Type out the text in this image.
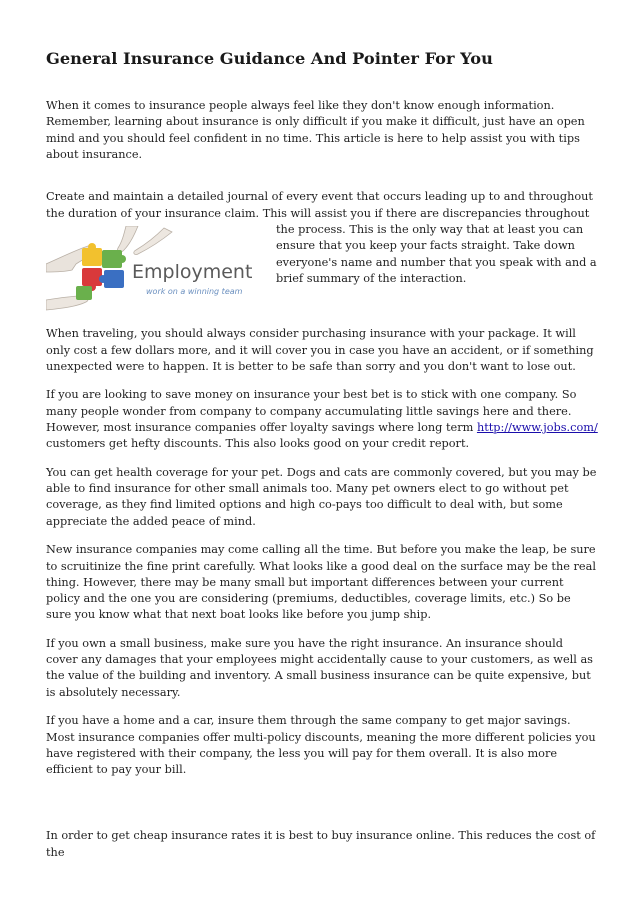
General Insurance Guidance And Pointer For You

When it comes to insurance people always feel like they don't know enough information. Remember, learning about insurance is only difficult if you make it difficult, just have an open mind and you should feel confident in no time. This article is here to help assist you with tips about insurance.

Employment
work on a winning team

Create and maintain a detailed journal of every event that occurs leading up to and throughout the duration of your insurance claim. This will assist you if there are discrepancies throughout the process. This is the only way that at least you can ensure that you keep your facts straight. Take down everyone's name and number that you speak with and a brief summary of the interaction.

When traveling, you should always consider purchasing insurance with your package. It will only cost a few dollars more, and it will cover you in case you have an accident, or if something unexpected were to happen. It is better to be safe than sorry and you don't want to lose out.

If you are looking to save money on insurance your best bet is to stick with one company. So many people wonder from company to company accumulating little savings here and there. However, most insurance companies offer loyalty savings where long term http://www.jobs.com/ customers get hefty discounts. This also looks good on your credit report.

You can get health coverage for your pet. Dogs and cats are commonly covered, but you may be able to find insurance for other small animals too. Many pet owners elect to go without pet coverage, as they find limited options and high co-pays too difficult to deal with, but some appreciate the added peace of mind.

New insurance companies may come calling all the time. But before you make the leap, be sure to scruitinize the fine print carefully. What looks like a good deal on the surface may be the real thing. However, there may be many small but important differences between your current policy and the one you are considering (premiums, deductibles, coverage limits, etc.) So be sure you know what that next boat looks like before you jump ship.

If you own a small business, make sure you have the right insurance. An insurance should cover any damages that your employees might accidentally cause to your customers, as well as the value of the building and inventory. A small business insurance can be quite expensive, but is absolutely necessary.

If you have a home and a car, insure them through the same company to get major savings. Most insurance companies offer multi-policy discounts, meaning the more different policies you have registered with their company, the less you will pay for them overall. It is also more efficient to pay your bill.

In order to get cheap insurance rates it is best to buy insurance online. This reduces the cost of the
